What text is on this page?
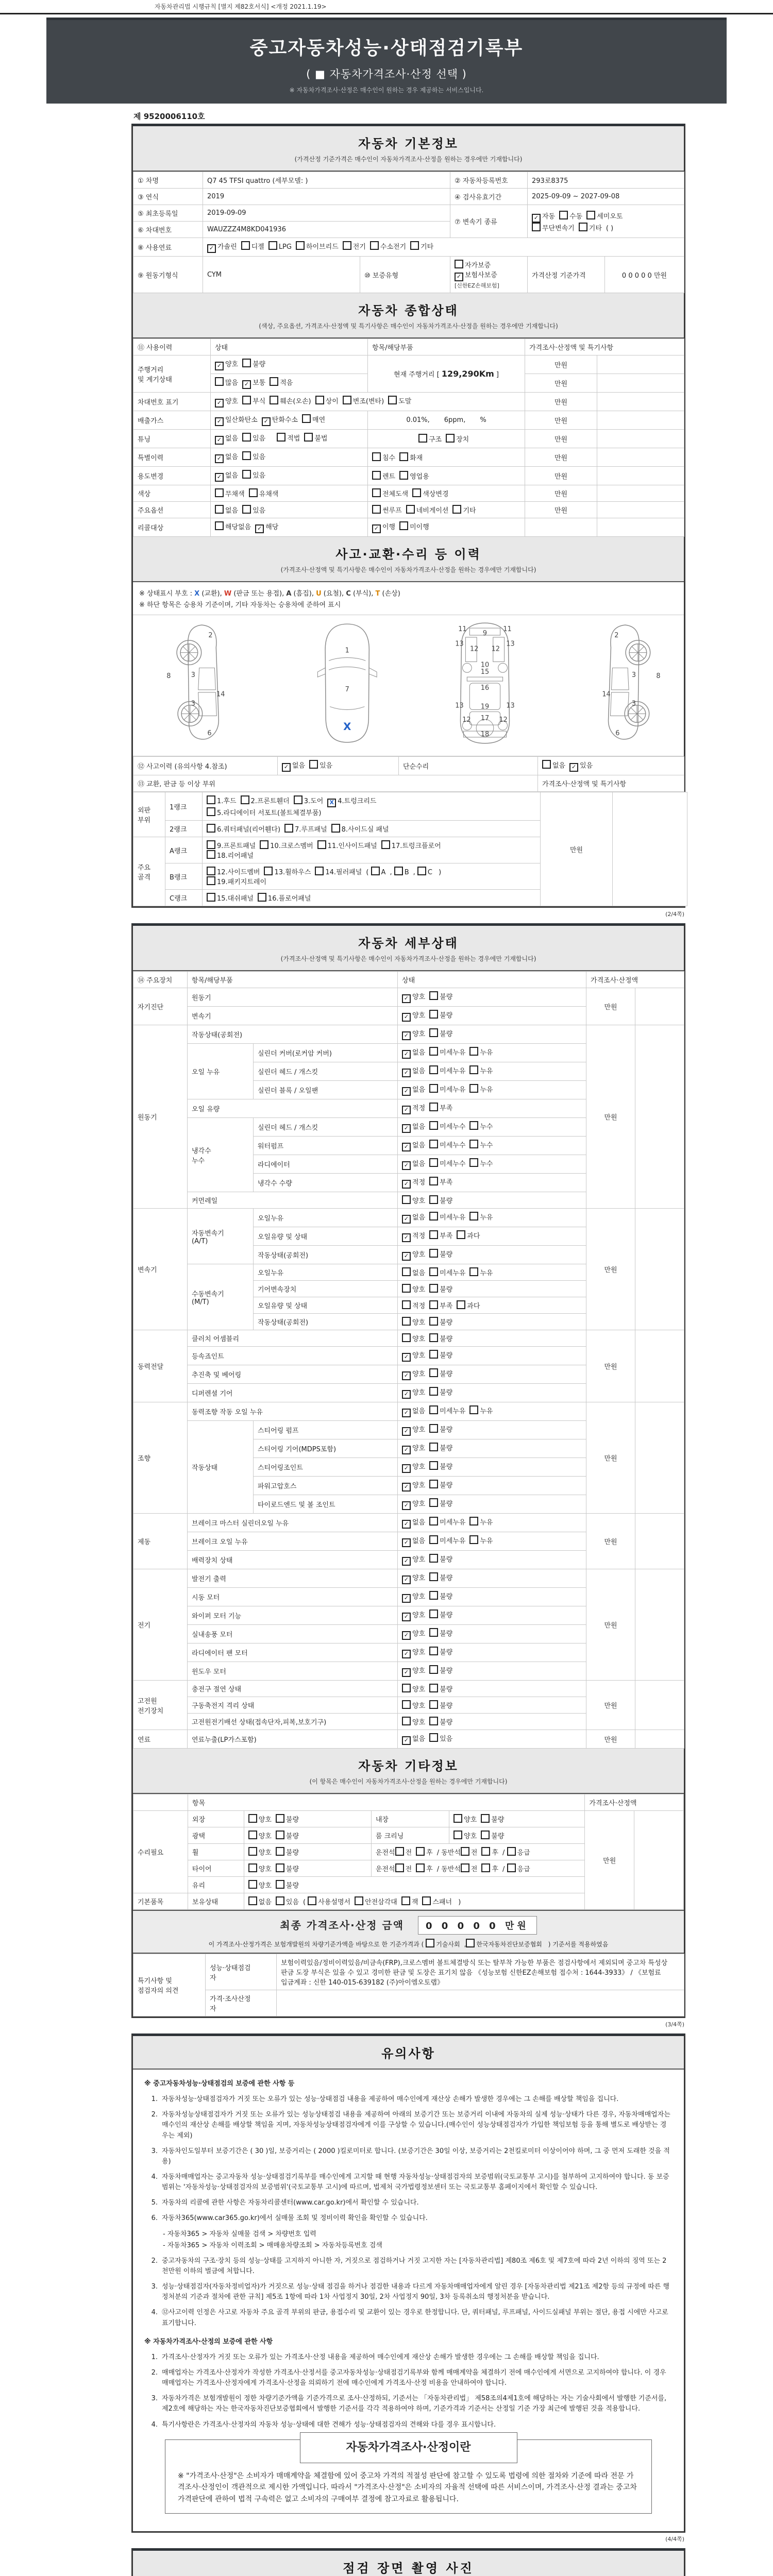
자동차관리법 시행규칙 [별지 제82호서식] <개정 2021.1.19>
중고자동차성능·상태점검기록부
( ■ 자동차가격조사·산정 선택 )
※ 자동차가격조사·산정은 매수인이 원하는 경우 제공하는 서비스입니다.
제 9520006110호
자동차 기본정보

(가격산정 기준가격은 매수인이 자동차가격조사·산정을 원하는 경우에만 기재합니다)

① 차명	Q7 45 TFSI quattro (세부모델: )		② 자동차등록번호	293로8375	
③ 연식	2019		④ 검사유효기간	2025-09-09 ~ 2027-09-08	
⑤ 최초등록일	2019-09-09		⑦ 변속기 종류	✓ 자동 수동 세미오토
무단변속기 기타 ( )	
⑥ 차대번호	WAUZZZ4M8KD041936				
⑧ 사용연료	✓ 가솔린 디젤 LPG 하이브리드 전기 수소전기 기타				
⑨ 원동기형식	CYM	⑩ 보증유형	자가보증✓ 보험사보증[신한EZ손해보험]	가격산정 기준가격	0 0 0 0 0 만원
자동차 종합상태

(색상, 주요옵션, 가격조사·산정액 및 특기사항은 매수인이 자동차가격조사·산정을 원하는 경우에만 기재합니다)

⑪ 사용이력	상태	항목/해당부품	가격조사·산정액 및 특기사항	
주행거리
및 계기상태	✓ 양호 불량	현재 주행거리 [ 129,290Km ]	만원	
	많음 ✓ 보통 적음		만원	
차대번호 표기	✓ 양호 부식 훼손(오손) 상이 변조(변타) 도말		만원	
배출가스	✓ 일산화탄소 ✓ 탄화수소 매연	0.01%, 6ppm, %	만원	
튜닝	✓ 없음 있음 적법 불법	구조 장치	만원	
특별이력	✓ 없음 있음	침수 화재	만원	
용도변경	✓ 없음 있음	렌트 영업용	만원	
색상	무채색 유채색	전체도색 색상변경	만원	
주요옵션	없음 있음	썬루프 네비게이션 기타	만원	
리콜대상	해당없음 ✓ 해당	✓ 이행 미이행		
사고·교환·수리 등 이력

(가격조사·산정액 및 특기사항은 매수인이 자동차가격조사·산정을 원하는 경우에만 기재합니다)

※ 상태표시 부호 : X (교환), W (판금 또는 용접), A (흠집), U (요철), C (부식), T (손상)
※ 하단 항목은 승용차 기준이며, 기타 자동차는 승용차에 준하여 표시
2
8	3
14
3
6
1
7
11
9
11
13
12 12
13
10
15
16
13	19	13
12 17 12
18
2
8
3
14
3
6
X
⑫ 사고이력 (유의사항 4.참조)	✓ 없음 있음	단순수리	없음 ✓ 있음
⑬ 교환, 판금 등 이상 부위			가격조사·산정액 및 특기사항
외판
부위	1랭크	1.후드 2.프론트휀더 3.도어 X 4.트렁크리드
5.라디에이터 서포트(볼트체결부품)	만원	
	2랭크	6.쿼터패널(리어휀다) 7.루프패널 8.사이드실 패널		
주요
골격	A랭크	9.프론트패널 10.크로스멤버 11.인사이드패널 17.트렁크플로어
18.리어패널		
	B랭크	12.사이드멤버 13.휠하우스 14.필러패널 ( A , B , C )
19.패키지트레이		
	C랭크	15.대쉬패널 16.플로어패널		
(2/4쪽)
자동차 세부상태

(가격조사·산정액 및 특기사항은 매수인이 자동차가격조사·산정을 원하는 경우에만 기재합니다)

⑭ 주요장치	항목/해당부품		상태	가격조사·산정액	
자기진단	원동기		✓ 양호 불량	만원	
	변속기		✓ 양호 불량		
원동기	작동상태(공회전)		✓ 양호 불량	만원	
	오일 누유	실린더 커버(로커암 커버)	✓ 없음 미세누유 누유		
		실린더 헤드 / 개스킷	✓ 없음 미세누유 누유		
		실린더 블록 / 오일팬	✓ 없음 미세누유 누유		
	오일 유량		✓ 적정 부족		
	냉각수
누수	실린더 헤드 / 개스킷	✓ 없음 미세누수 누수		
		워터펌프	✓ 없음 미세누수 누수		
		라디에이터	✓ 없음 미세누수 누수		
		냉각수 수량	✓ 적정 부족		
	커먼레일		양호 불량		
변속기	자동변속기
(A/T)	오일누유	✓ 없음 미세누유 누유	만원	
		오일유량 및 상태	✓ 적정 부족 과다		
		작동상태(공회전)	✓ 양호 불량		
	수동변속기
(M/T)	오일누유	없음 미세누유 누유		
		기어변속장치	양호 불량		
		오일유량 및 상태	적정 부족 과다		
		작동상태(공회전)	양호 불량		
동력전달	클러치 어셈블리		양호 불량	만원	
	등속죠인트		✓ 양호 불량		
	추진축 및 베어링		✓ 양호 불량		
	디퍼렌셜 기어		✓ 양호 불량		
조향	동력조향 작동 오일 누유		✓ 없음 미세누유 누유	만원	
	작동상태	스티어링 펌프	✓ 양호 불량		
		스티어링 기어(MDPS포함)	✓ 양호 불량		
		스티어링조인트	✓ 양호 불량		
		파워고압호스	✓ 양호 불량		
		타이로드엔드 및 볼 조인트	✓ 양호 불량		
제동	브레이크 마스터 실린더오일 누유		✓ 없음 미세누유 누유	만원	
	브레이크 오일 누유		✓ 없음 미세누유 누유		
	배력장치 상태		✓ 양호 불량		
전기	발전기 출력		✓ 양호 불량	만원	
	시동 모터		✓ 양호 불량		
	와이퍼 모터 기능		✓ 양호 불량		
	실내송풍 모터		✓ 양호 불량		
	라디에이터 팬 모터		✓ 양호 불량		
	윈도우 모터		✓ 양호 불량		
고전원
전기장치	충전구 절연 상태		양호 불량	만원	
	구동축전지 격리 상태		양호 불량		
	고전원전기배선 상태(접속단자,피복,보호기구)		양호 불량		
연료	연료누출(LP가스포함)		✓ 없음 있음	만원	
자동차 기타정보

(이 항목은 매수인이 자동차가격조사·산정을 원하는 경우에만 기재합니다)

	항목				가격조사·산정액	
수리필요	외장	양호 불량	내장	양호 불량	만원	
	광택	양호 불량	룸 크리닝	양호 불량		
	휠	양호 불량	운전석 전 후 / 동반석 전 후 / 응급			
	타이어	양호 불량	운전석 전 후 / 동반석 전 후 / 응급			
	유리	양호 불량				
기본품목	보유상태	없음 있음 ( 사용설명서 안전삼각대 잭 스패너 )				
최종 가격조사·산정 금액 0 0 0 0 0 만원
이 가격조사·산정가격은 보험개발원의 차량기준가액을 바탕으로 한 기준가격과 ( 기술사회 , 한국자동차진단보증협회 ) 기준서를 적용하였음
특기사항 및
점검자의 의견	성능·상태점검
자	보험이력있음/정비이력있음/비금속(FRP),크로스멤버 볼트체결방식 또는 탈부착 가능한 부품은 점검사항에서 제외되며 중고차 특성상 판금 도장 부식은 있을 수 있고 경미한 판금 및 도장은 표기치 않음 《성능보험 신한EZ손해보험 접수처 : 1644-3933》 / 《보험료 입금계좌 : 신한 140-015-639182 (주)아이엠오토랩》
	가격·조사산정
자	
(3/4쪽)
유의사항
※ 중고자동차성능·상태점검의 보증에 관한 사항 등
1. 자동차성능·상태점검자가 거짓 또는 오류가 있는 성능·상태점검 내용을 제공하여 매수인에게 재산상 손해가 발생한 경우에는 그 손해를 배상할 책임을 집니다.
2. 자동차성능상태점검자가 거짓 또는 오류가 있는 성능상태점검 내용을 제공하여 아래의 보증기간 또는 보증거리 이내에 자동차의 실제 성능·상태가 다른 경우, 자동차매매업자는 매수인의 재산상 손해를 배상할 책임을 지며, 자동차성능상태점검자에게 이를 구상할 수 있습니다.(매수인이 성능상태점검자가 가입한 책임보험 등을 통해 별도로 배상받는 경우는 제외)
3. 자동차인도일부터 보증기간은 ( 30 )일, 보증거리는 ( 2000 )킬로미터로 합니다. (보증기간은 30일 이상, 보증거리는 2천킬로미터 이상이어야 하며, 그 중 먼저 도래한 것을 적용)
4. 자동차매매업자는 중고자동차 성능·상태점검기록부를 매수인에게 고지할 때 현행 자동차성능·상태점검자의 보증범위(국토교통부 고시)를 첨부하여 고지하여야 합니다. 동 보증범위는 '자동차성능·상태점검자의 보증범위'(국토교통부 고시)에 따르며, 법제처 국가법령정보센터 또는 국토교통부 홈페이지에서 확인할 수 있습니다.
5. 자동차의 리콜에 관한 사항은 자동차리콜센터(www.car.go.kr)에서 확인할 수 있습니다.
6. 자동차365(www.car365.go.kr)에서 실매물 조회 및 정비이력 확인을 확인할 수 있습니다.
- 자동차365 > 자동차 실매물 검색 > 차량번호 입력
- 자동차365 > 자동차 이력조회 > 매매용차량조회 > 자동차등록번호 검색
2. 중고자동차의 구조·장치 등의 성능·상태를 고지하지 아니한 자, 거짓으로 점검하거나 거짓 고지한 자는 [자동차관리법] 제80조 제6호 및 제7호에 따라 2년 이하의 징역 또는 2천만원 이하의 벌금에 처합니다.
3. 성능·상태점검자(자동차정비업자)가 거짓으로 성능·상태 점검을 하거나 점검한 내용과 다르게 자동차매매업자에게 알린 경우 [자동차관리법 제21조 제2항 등의 규정에 따른 행정처분의 기준과 절차에 관한 규칙] 제5조 1항에 따라 1차 사업정지 30일, 2차 사업정지 90일, 3차 등록취소의 행정처분을 받습니다.
4. ⑫사고이력 인정은 사고로 자동차 주요 골격 부위의 판금, 용접수리 및 교환이 있는 경우로 한정합니다. 단, 쿼터패널, 루프패널, 사이드실패널 부위는 절단, 용접 시에만 사고로 표기합니다.
※ 자동차가격조사·산정의 보증에 관한 사항
1. 가격조사·산정자가 거짓 또는 오류가 있는 가격조사·산정 내용을 제공하여 매수인에게 재산상 손해가 발생한 경우에는 그 손해를 배상할 책임을 집니다.
2. 매매업자는 가격조사·산정자가 작성한 가격조사·산정서를 중고자동차성능·상태점검기록부와 함께 매매계약을 체결하기 전에 매수인에게 서면으로 고지하여야 합니다. 이 경우 매매업자는 가격조사·산정자에게 가격조사·산정을 의뢰하기 전에 매수인에게 가격조사·산정 비용을 안내하여야 합니다.
3. 자동차가격은 보험개발원이 정한 차량기준가액을 기준가격으로 조사·산정하되, 기준서는 「자동차관리법」 제58조의4제1호에 해당하는 자는 기술사회에서 발행한 기준서를, 제2호에 해당하는 자는 한국자동차진단보증협회에서 발행한 기준서를 각각 적용하여야 하며, 기준가격과 기준서는 산정일 기준 가장 최근에 발행된 것을 적용합니다.
4. 특기사항란은 가격조사·산정자의 자동차 성능·상태에 대한 견해가 성능·상태점검자의 견해와 다를 경우 표시합니다.
자동차가격조사·산정이란
※ "가격조사·산정"은 소비자가 매매계약을 체결함에 있어 중고차 가격의 적절성 판단에 참고할 수 있도록 법령에 의한 절차와 기준에 따라 전문 가격조사·산정인이 객관적으로 제시한 가액입니다. 따라서 "가격조사·산정"은 소비자의 자율적 선택에 따른 서비스이며, 가격조사·산정 결과는 중고차 가격판단에 관하여 법적 구속력은 없고 소비자의 구매여부 결정에 참고자료로 활용됩니다.
(4/4쪽)
점검 장면 촬영 사진
